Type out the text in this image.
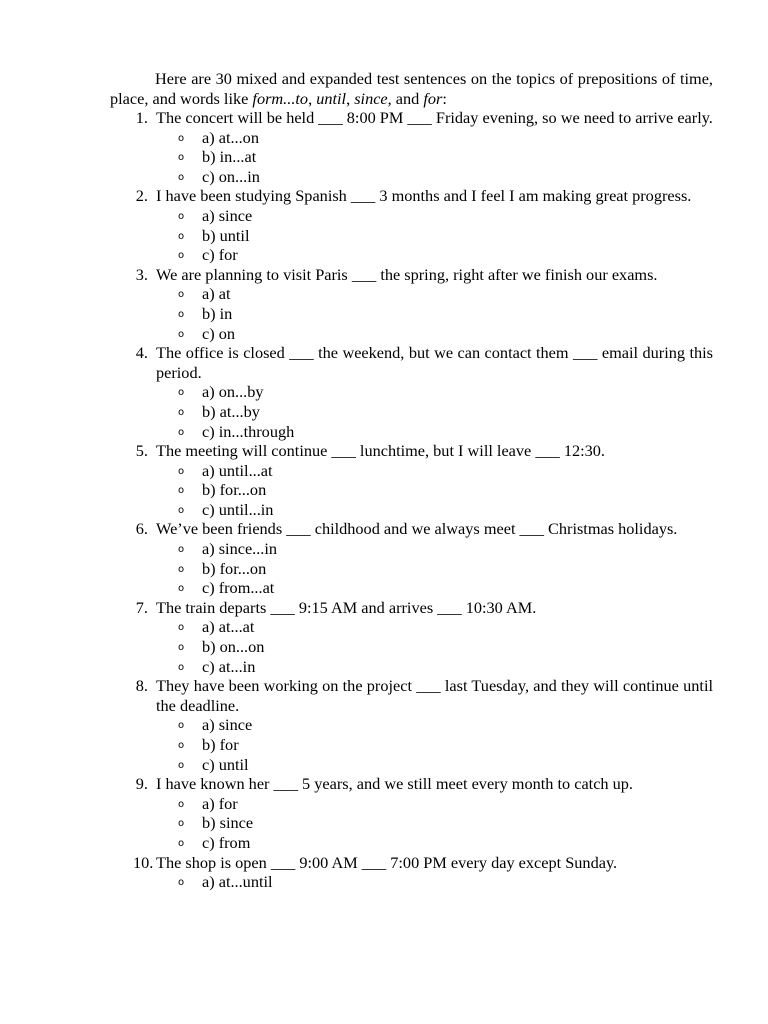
Here are 30 mixed and expanded test sentences on the topics of prepositions of time, place, and words like form...to, until, since, and for:

1. The concert will be held ___ 8:00 PM ___ Friday evening, so we need to arrive early.
o a) at...on
o b) in...at
o c) on...in
2. I have been studying Spanish ___ 3 months and I feel I am making great progress.
o a) since
o b) until
o c) for
3. We are planning to visit Paris ___ the spring, right after we finish our exams.
o a) at
o b) in
o c) on
4. The office is closed ___ the weekend, but we can contact them ___ email during this period.
o a) on...by
o b) at...by
o c) in...through
5. The meeting will continue ___ lunchtime, but I will leave ___ 12:30.
o a) until...at
o b) for...on
o c) until...in
6. We’ve been friends ___ childhood and we always meet ___ Christmas holidays.
o a) since...in
o b) for...on
o c) from...at
7. The train departs ___ 9:15 AM and arrives ___ 10:30 AM.
o a) at...at
o b) on...on
o c) at...in
8. They have been working on the project ___ last Tuesday, and they will continue until the deadline.
o a) since
o b) for
o c) until
9. I have known her ___ 5 years, and we still meet every month to catch up.
o a) for
o b) since
o c) from
10. The shop is open ___ 9:00 AM ___ 7:00 PM every day except Sunday.
o a) at...until
